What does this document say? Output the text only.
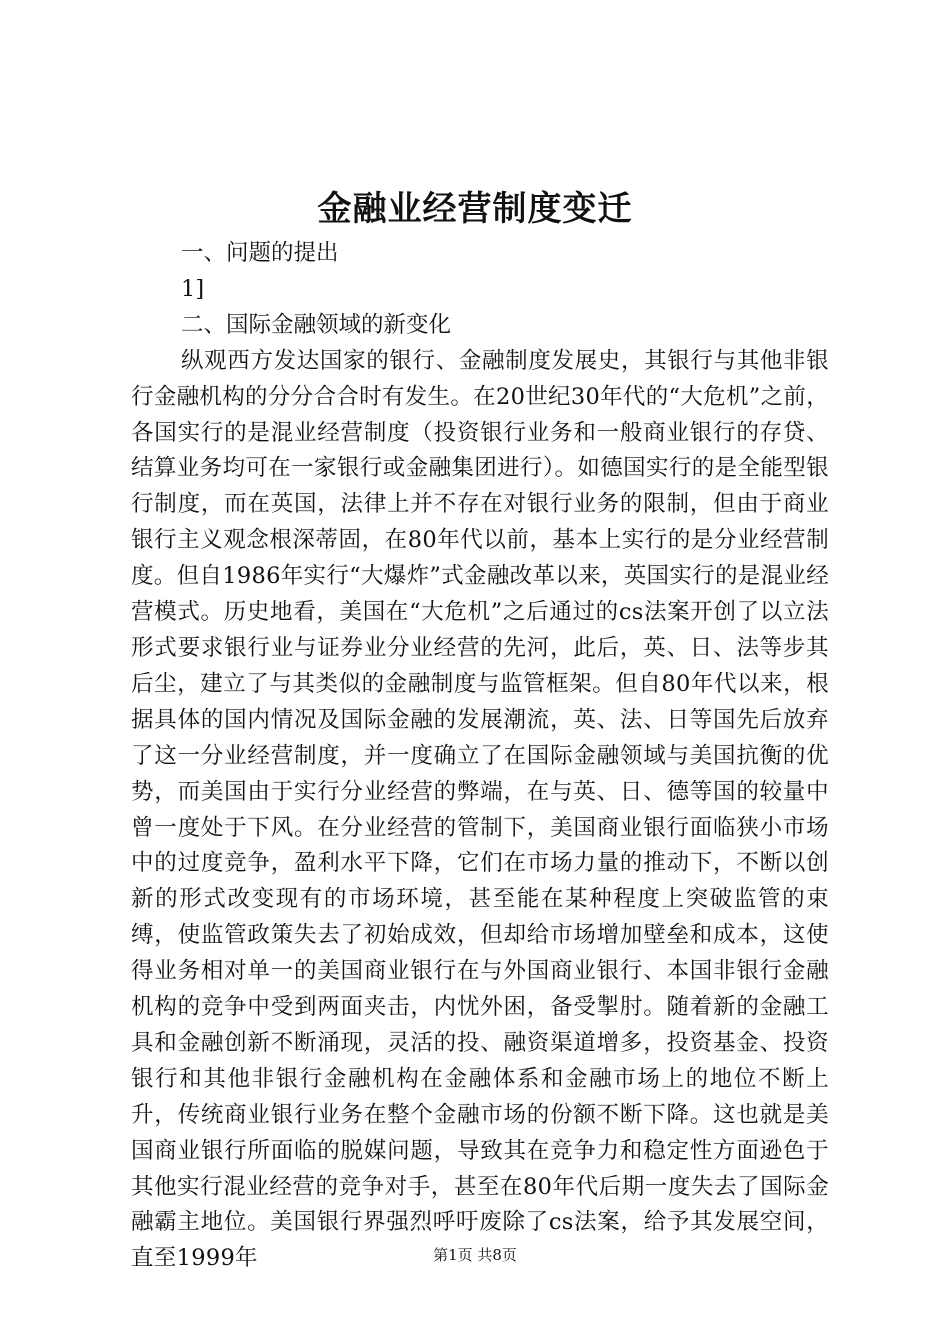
金融业经营制度变迁

一、问题的提出

1]

二、国际金融领域的新变化

纵观西方发达国家的银行、金融制度发展史，其银行与其他非银行金融机构的分分合合时有发生。在20世纪30年代的“大危机”之前，各国实行的是混业经营制度（投资银行业务和一般商业银行的存贷、结算业务均可在一家银行或金融集团进行）。如德国实行的是全能型银行制度，而在英国，法律上并不存在对银行业务的限制，但由于商业银行主义观念根深蒂固，在80年代以前，基本上实行的是分业经营制度。但自1986年实行“大爆炸”式金融改革以来，英国实行的是混业经营模式。历史地看，美国在“大危机”之后通过的cs法案开创了以立法形式要求银行业与证券业分业经营的先河，此后，英、日、法等步其后尘，建立了与其类似的金融制度与监管框架。但自80年代以来，根据具体的国内情况及国际金融的发展潮流，英、法、日等国先后放弃了这一分业经营制度，并一度确立了在国际金融领域与美国抗衡的优势，而美国由于实行分业经营的弊端，在与英、日、德等国的较量中曾一度处于下风。在分业经营的管制下，美国商业银行面临狭小市场中的过度竞争，盈利水平下降，它们在市场力量的推动下，不断以创新的形式改变现有的市场环境，甚至能在某种程度上突破监管的束缚，使监管政策失去了初始成效，但却给市场增加壁垒和成本，这使得业务相对单一的美国商业银行在与外国商业银行、本国非银行金融机构的竞争中受到两面夹击，内忧外困，备受掣肘。随着新的金融工具和金融创新不断涌现，灵活的投、融资渠道增多，投资基金、投资银行和其他非银行金融机构在金融体系和金融市场上的地位不断上升，传统商业银行业务在整个金融市场的份额不断下降。这也就是美国商业银行所面临的脱媒问题，导致其在竞争力和稳定性方面逊色于其他实行混业经营的竞争对手，甚至在80年代后期一度失去了国际金融霸主地位。美国银行界强烈呼吁废除了cs法案，给予其发展空间，直至1999年	第1页 共8页
